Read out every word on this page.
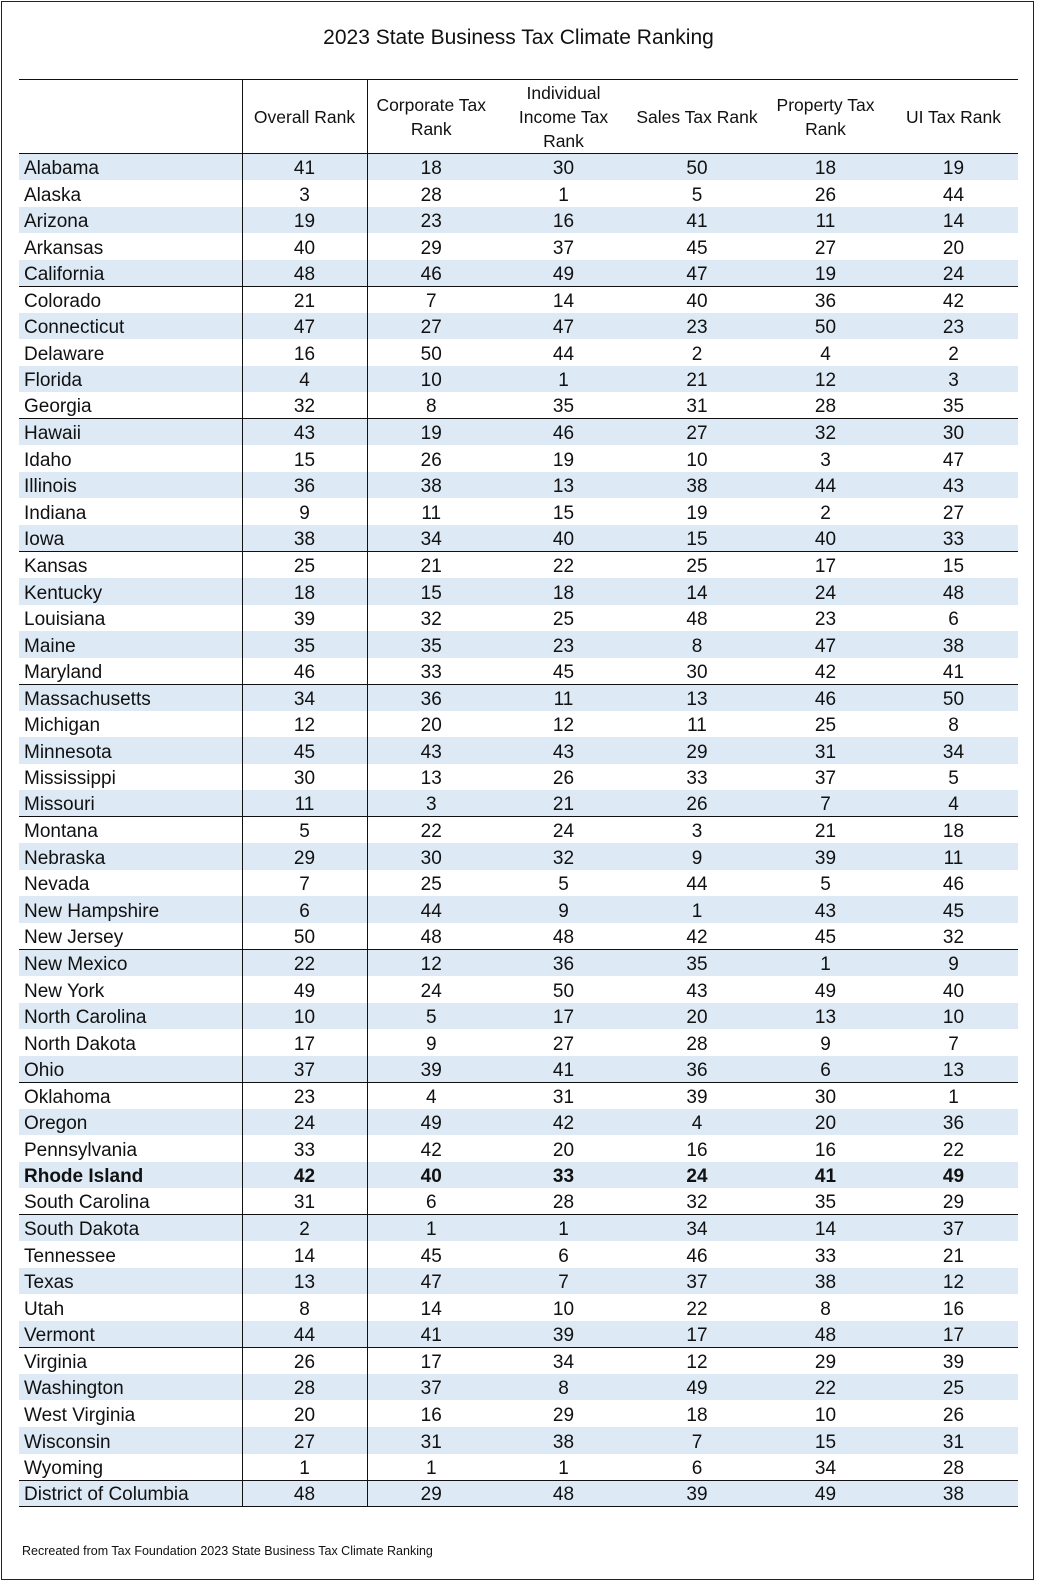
2023 State Business Tax Climate Ranking
	Overall Rank	Corporate Tax Rank	Individual Income Tax Rank	Sales Tax Rank	Property Tax Rank	UI Tax Rank
Alabama	41	18	30	50	18	19
Alaska	3	28	1	5	26	44
Arizona	19	23	16	41	11	14
Arkansas	40	29	37	45	27	20
California	48	46	49	47	19	24
Colorado	21	7	14	40	36	42
Connecticut	47	27	47	23	50	23
Delaware	16	50	44	2	4	2
Florida	4	10	1	21	12	3
Georgia	32	8	35	31	28	35
Hawaii	43	19	46	27	32	30
Idaho	15	26	19	10	3	47
Illinois	36	38	13	38	44	43
Indiana	9	11	15	19	2	27
Iowa	38	34	40	15	40	33
Kansas	25	21	22	25	17	15
Kentucky	18	15	18	14	24	48
Louisiana	39	32	25	48	23	6
Maine	35	35	23	8	47	38
Maryland	46	33	45	30	42	41
Massachusetts	34	36	11	13	46	50
Michigan	12	20	12	11	25	8
Minnesota	45	43	43	29	31	34
Mississippi	30	13	26	33	37	5
Missouri	11	3	21	26	7	4
Montana	5	22	24	3	21	18
Nebraska	29	30	32	9	39	11
Nevada	7	25	5	44	5	46
New Hampshire	6	44	9	1	43	45
New Jersey	50	48	48	42	45	32
New Mexico	22	12	36	35	1	9
New York	49	24	50	43	49	40
North Carolina	10	5	17	20	13	10
North Dakota	17	9	27	28	9	7
Ohio	37	39	41	36	6	13
Oklahoma	23	4	31	39	30	1
Oregon	24	49	42	4	20	36
Pennsylvania	33	42	20	16	16	22
Rhode Island	42	40	33	24	41	49
South Carolina	31	6	28	32	35	29
South Dakota	2	1	1	34	14	37
Tennessee	14	45	6	46	33	21
Texas	13	47	7	37	38	12
Utah	8	14	10	22	8	16
Vermont	44	41	39	17	48	17
Virginia	26	17	34	12	29	39
Washington	28	37	8	49	22	25
West Virginia	20	16	29	18	10	26
Wisconsin	27	31	38	7	15	31
Wyoming	1	1	1	6	34	28
District of Columbia	48	29	48	39	49	38
Recreated from Tax Foundation 2023 State Business Tax Climate Ranking
